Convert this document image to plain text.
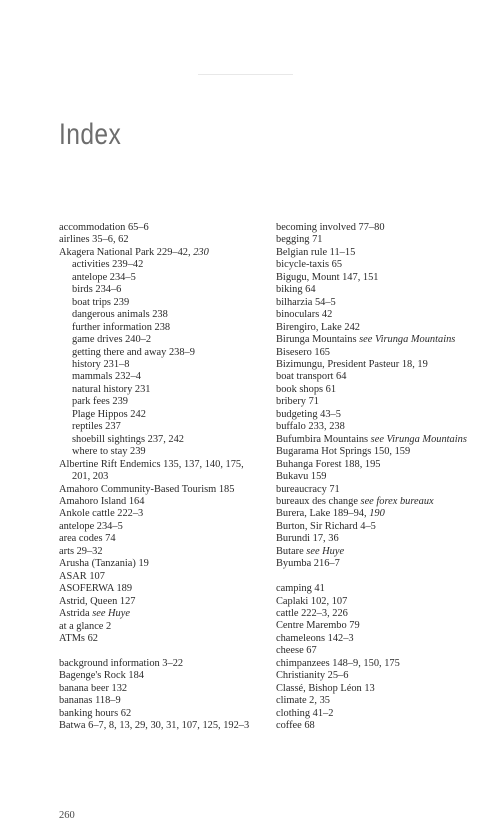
Index
accommodation 65–6
airlines 35–6, 62
Akagera National Park 229–42, 230
activities 239–42
antelope 234–5
birds 234–6
boat trips 239
dangerous animals 238
further information 238
game drives 240–2
getting there and away 238–9
history 231–8
mammals 232–4
natural history 231
park fees 239
Plage Hippos 242
reptiles 237
shoebill sightings 237, 242
where to stay 239
Albertine Rift Endemics 135, 137, 140, 175,
201, 203
Amahoro Community-Based Tourism 185
Amahoro Island 164
Ankole cattle 222–3
antelope 234–5
area codes 74
arts 29–32
Arusha (Tanzania) 19
ASAR 107
ASOFERWA 189
Astrid, Queen 127
Astrida see Huye
at a glance 2
ATMs 62
background information 3–22
Bagenge's Rock 184
banana beer 132
bananas 118–9
banking hours 62
Batwa 6–7, 8, 13, 29, 30, 31, 107, 125, 192–3
becoming involved 77–80
begging 71
Belgian rule 11–15
bicycle-taxis 65
Bigugu, Mount 147, 151
biking 64
bilharzia 54–5
binoculars 42
Birengiro, Lake 242
Birunga Mountains see Virunga Mountains
Bisesero 165
Bizimungu, President Pasteur 18, 19
boat transport 64
book shops 61
bribery 71
budgeting 43–5
buffalo 233, 238
Bufumbira Mountains see Virunga Mountains
Bugarama Hot Springs 150, 159
Buhanga Forest 188, 195
Bukavu 159
bureaucracy 71
bureaux des change see forex bureaux
Burera, Lake 189–94, 190
Burton, Sir Richard 4–5
Burundi 17, 36
Butare see Huye
Byumba 216–7
camping 41
Caplaki 102, 107
cattle 222–3, 226
Centre Marembo 79
chameleons 142–3
cheese 67
chimpanzees 148–9, 150, 175
Christianity 25–6
Classé, Bishop Léon 13
climate 2, 35
clothing 41–2
coffee 68
260
